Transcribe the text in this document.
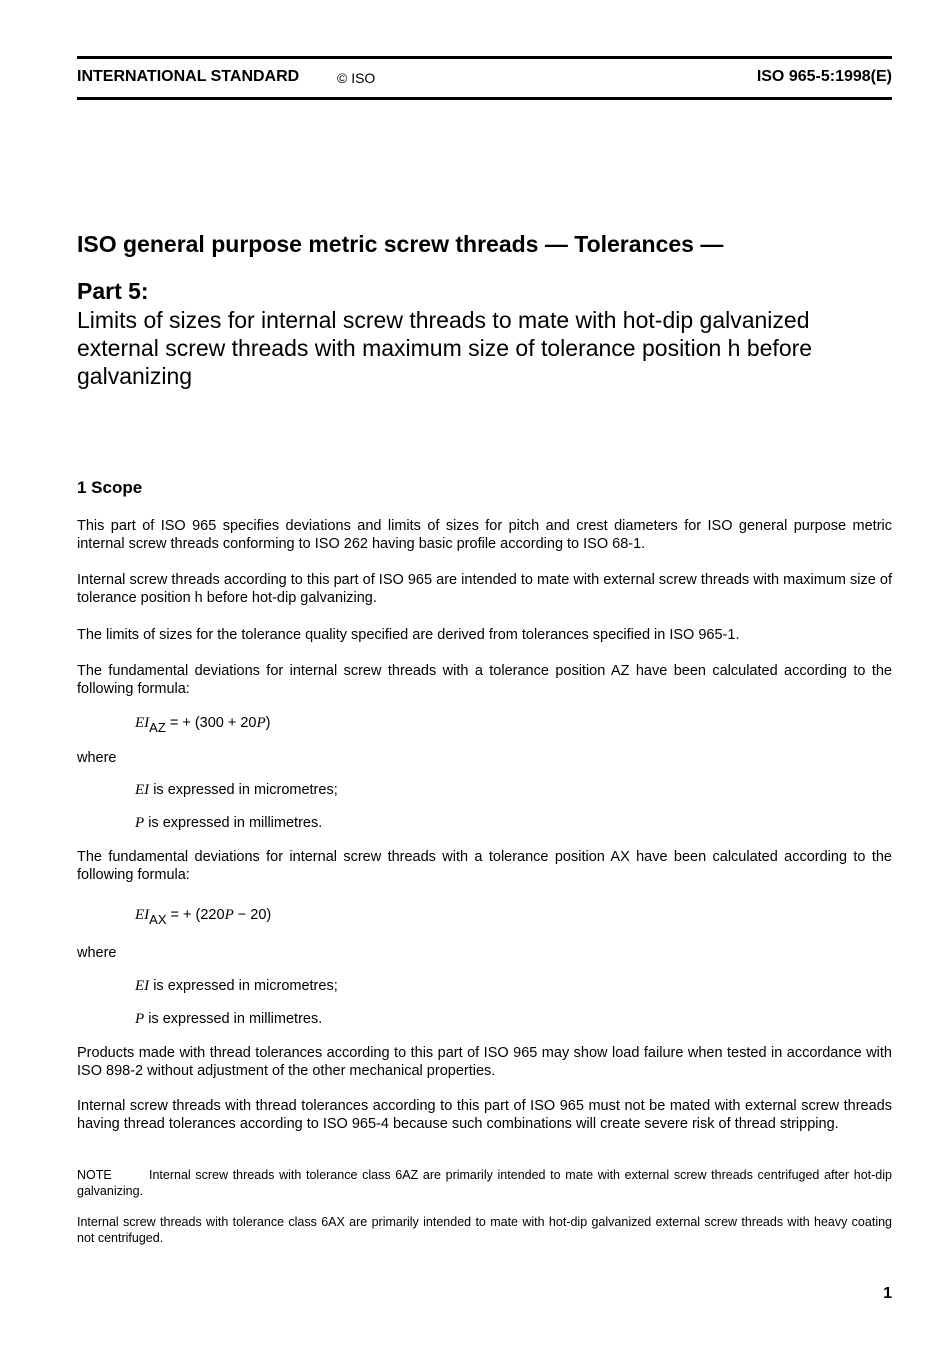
INTERNATIONAL STANDARD	© ISO	ISO 965-5:1998(E)
ISO general purpose metric screw threads — Tolerances —
Part 5:

Limits of sizes for internal screw threads to mate with hot-dip galvanized external screw threads with maximum size of tolerance position h before galvanizing

1 Scope

This part of ISO 965 specifies deviations and limits of sizes for pitch and crest diameters for ISO general purpose metric internal screw threads conforming to ISO 262 having basic profile according to ISO 68-1.

Internal screw threads according to this part of ISO 965 are intended to mate with external screw threads with maximum size of tolerance position h before hot-dip galvanizing.

The limits of sizes for the tolerance quality specified are derived from tolerances specified in ISO 965-1.

The fundamental deviations for internal screw threads with a tolerance position AZ have been calculated according to the following formula:

EIAZ = + (300 + 20P)

where

EI is expressed in micrometres;

P is expressed in millimetres.

The fundamental deviations for internal screw threads with a tolerance position AX have been calculated according to the following formula:

EIAX = + (220P − 20)

where

EI is expressed in micrometres;

P is expressed in millimetres.

Products made with thread tolerances according to this part of ISO 965 may show load failure when tested in accordance with ISO 898-2 without adjustment of the other mechanical properties.

Internal screw threads with thread tolerances according to this part of ISO 965 must not be mated with external screw threads having thread tolerances according to ISO 965-4 because such combinations will create severe risk of thread stripping.

NOTE	Internal screw threads with tolerance class 6AZ are primarily intended to mate with external screw threads centrifuged after hot-dip galvanizing.

Internal screw threads with tolerance class 6AX are primarily intended to mate with hot-dip galvanized external screw threads with heavy coating not centrifuged.

1
